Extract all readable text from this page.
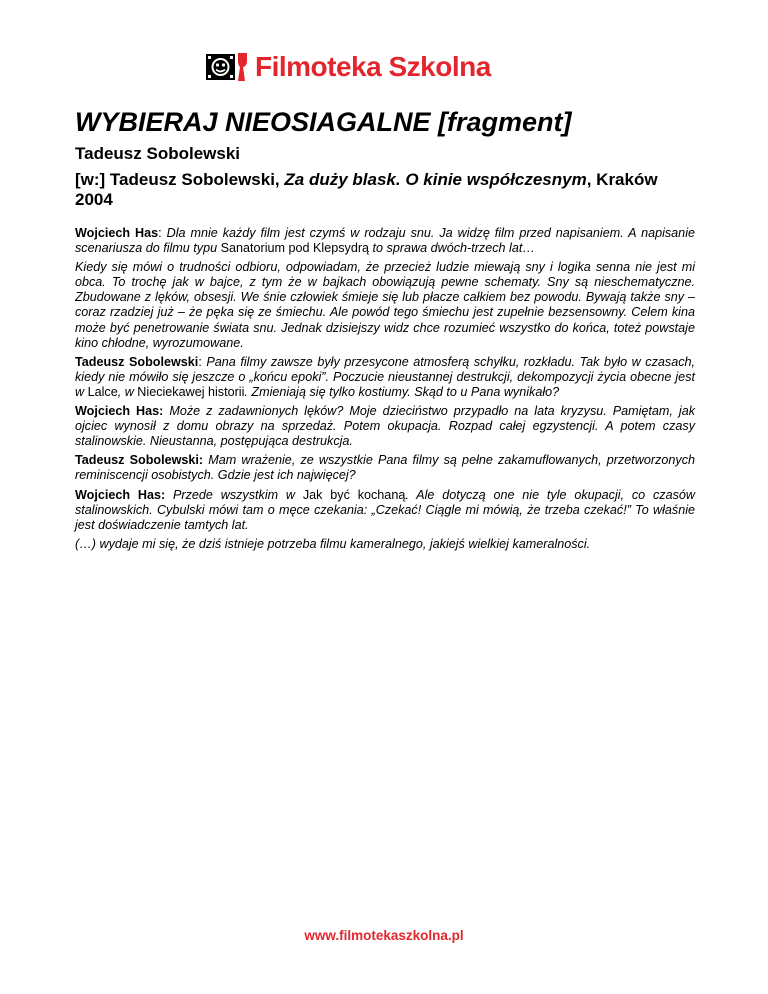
Filmoteka Szkolna
WYBIERAJ NIEOSIAGALNE [fragment]
Tadeusz Sobolewski
[w:] Tadeusz Sobolewski, Za duży blask. O kinie współczesnym, Kraków 2004

Wojciech Has: Dla mnie każdy film jest czymś w rodzaju snu. Ja widzę film przed napisaniem. A napisanie scenariusza do filmu typu Sanatorium pod Klepsydrą to sprawa dwóch-trzech lat…

Kiedy się mówi o trudności odbioru, odpowiadam, że przecież ludzie miewają sny i logika senna nie jest mi obca. To trochę jak w bajce, z tym że w bajkach obowiązują pewne schematy. Sny są nieschematyczne. Zbudowane z lęków, obsesji. We śnie człowiek śmieje się lub płacze całkiem bez powodu. Bywają także sny – coraz rzadziej już – że pęka się ze śmiechu. Ale powód tego śmiechu jest zupełnie bezsensowny. Celem kina może być penetrowanie świata snu. Jednak dzisiejszy widz chce rozumieć wszystko do końca, toteż powstaje kino chłodne, wyrozumowane.

Tadeusz Sobolewski: Pana filmy zawsze były przesycone atmosferą schyłku, rozkładu. Tak było w czasach, kiedy nie mówiło się jeszcze o „końcu epoki”. Poczucie nieustannej destrukcji, dekompozycji życia obecne jest w Lalce, w Nieciekawej historii. Zmieniają się tylko kostiumy. Skąd to u Pana wynikało?

Wojciech Has: Może z zadawnionych lęków? Moje dzieciństwo przypadło na lata kryzysu. Pamiętam, jak ojciec wynosił z domu obrazy na sprzedaż. Potem okupacja. Rozpad całej egzystencji. A potem czasy stalinowskie. Nieustanna, postępująca destrukcja.

Tadeusz Sobolewski: Mam wrażenie, ze wszystkie Pana filmy są pełne zakamuflowanych, przetworzonych reminiscencji osobistych. Gdzie jest ich najwięcej?

Wojciech Has: Przede wszystkim w Jak być kochaną. Ale dotyczą one nie tyle okupacji, co czasów stalinowskich. Cybulski mówi tam o męce czekania: „Czekać! Ciągle mi mówią, że trzeba czekać!” To właśnie jest doświadczenie tamtych lat.

(…) wydaje mi się, że dziś istnieje potrzeba filmu kameralnego, jakiejś wielkiej kameralności.

www.filmotekaszkolna.pl
